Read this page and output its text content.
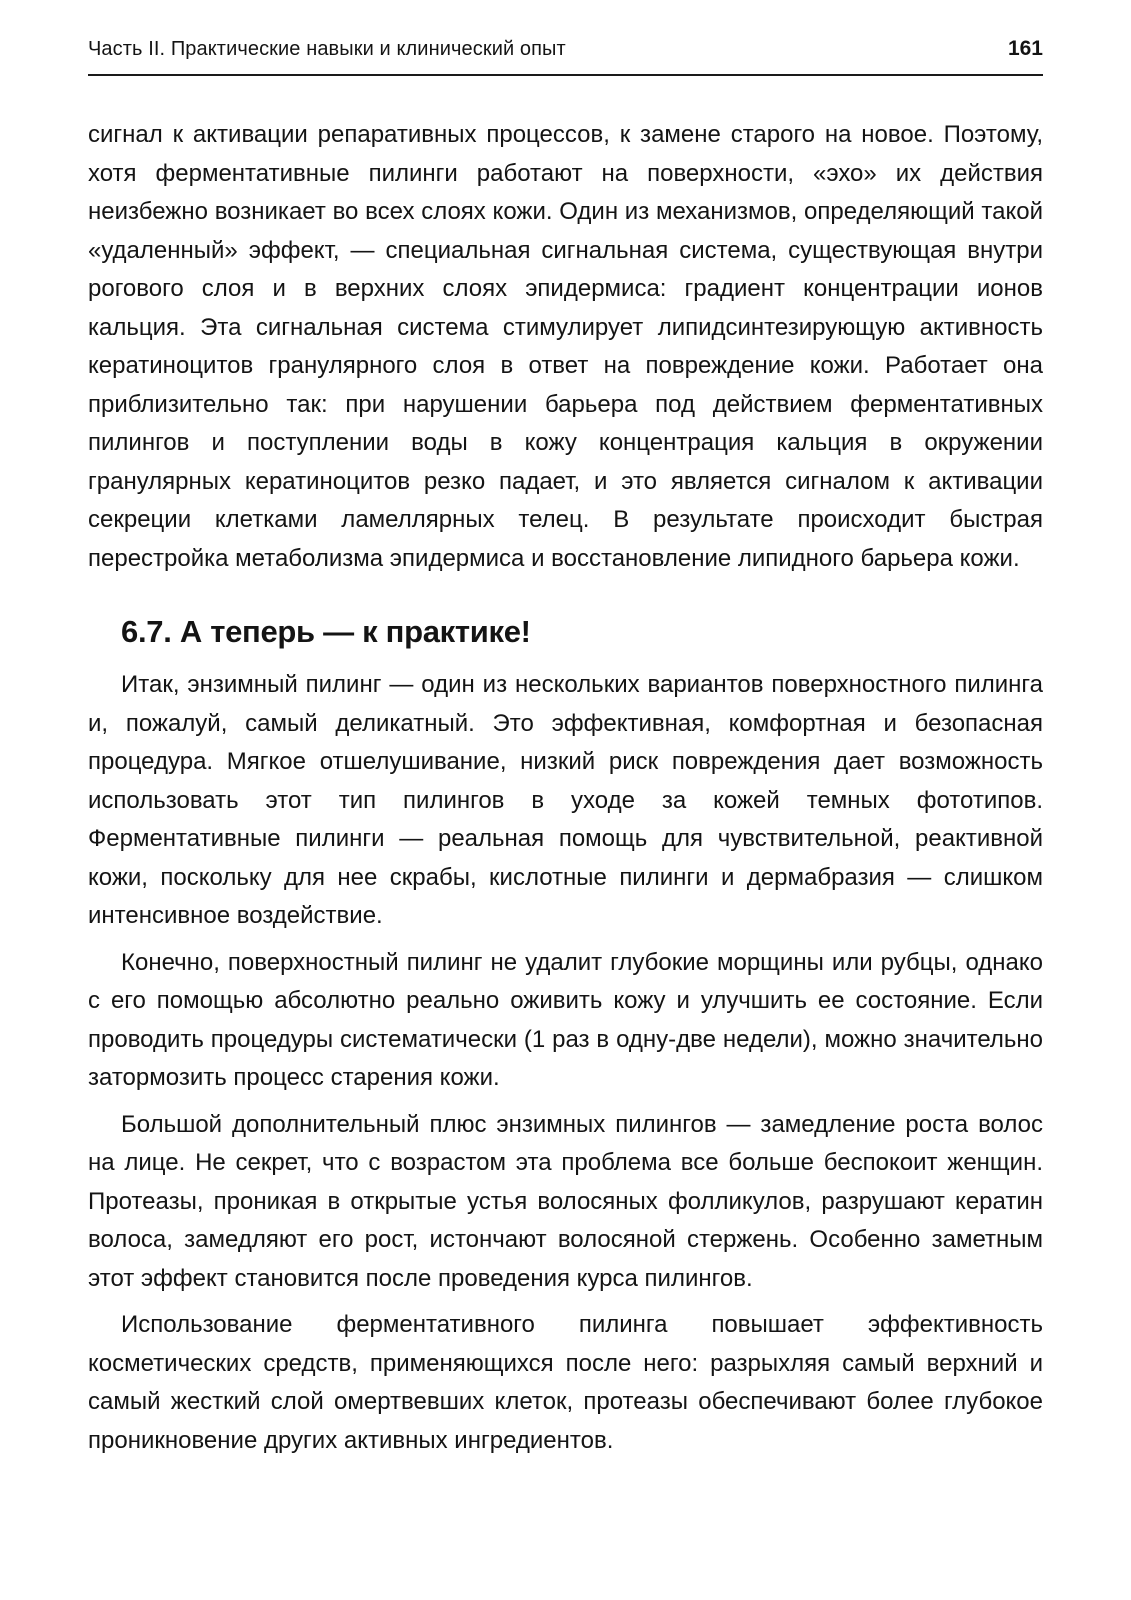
Часть II. Практические навыки и клинический опыт	161

сигнал к активации репаративных процессов, к замене старого на новое. Поэтому, хотя ферментативные пилинги работают на поверхности, «эхо» их действия неизбежно возникает во всех слоях кожи. Один из механизмов, определяющий такой «удаленный» эффект, — специальная сигнальная система, существующая внутри рогового слоя и в верхних слоях эпидермиса: градиент концентрации ионов кальция. Эта сигнальная система стимулирует липидсинтезирующую активность кератиноцитов гранулярного слоя в ответ на повреждение кожи. Работает она приблизительно так: при нарушении барьера под действием ферментативных пилингов и поступлении воды в кожу концентрация кальция в окружении гранулярных кератиноцитов резко падает, и это является сигналом к активации секреции клетками ламеллярных телец. В результате происходит быстрая перестройка метаболизма эпидермиса и восстановление липидного барьера кожи.

6.7. А теперь — к практике!

Итак, энзимный пилинг — один из нескольких вариантов поверхностного пилинга и, пожалуй, самый деликатный. Это эффективная, комфортная и безопасная процедура. Мягкое отшелушивание, низкий риск повреждения дает возможность использовать этот тип пилингов в уходе за кожей темных фототипов. Ферментативные пилинги — реальная помощь для чувствительной, реактивной кожи, поскольку для нее скрабы, кислотные пилинги и дермабразия — слишком интенсивное воздействие.

Конечно, поверхностный пилинг не удалит глубокие морщины или рубцы, однако с его помощью абсолютно реально оживить кожу и улучшить ее состояние. Если проводить процедуры систематически (1 раз в одну-две недели), можно значительно затормозить процесс старения кожи.

Большой дополнительный плюс энзимных пилингов — замедление роста волос на лице. Не секрет, что с возрастом эта проблема все больше беспокоит женщин. Протеазы, проникая в открытые устья волосяных фолликулов, разрушают кератин волоса, замедляют его рост, истончают волосяной стержень. Особенно заметным этот эффект становится после проведения курса пилингов.

Использование ферментативного пилинга повышает эффективность косметических средств, применяющихся после него: разрыхляя самый верхний и самый жесткий слой омертвевших клеток, протеазы обеспечивают более глубокое проникновение других активных ингредиентов.
